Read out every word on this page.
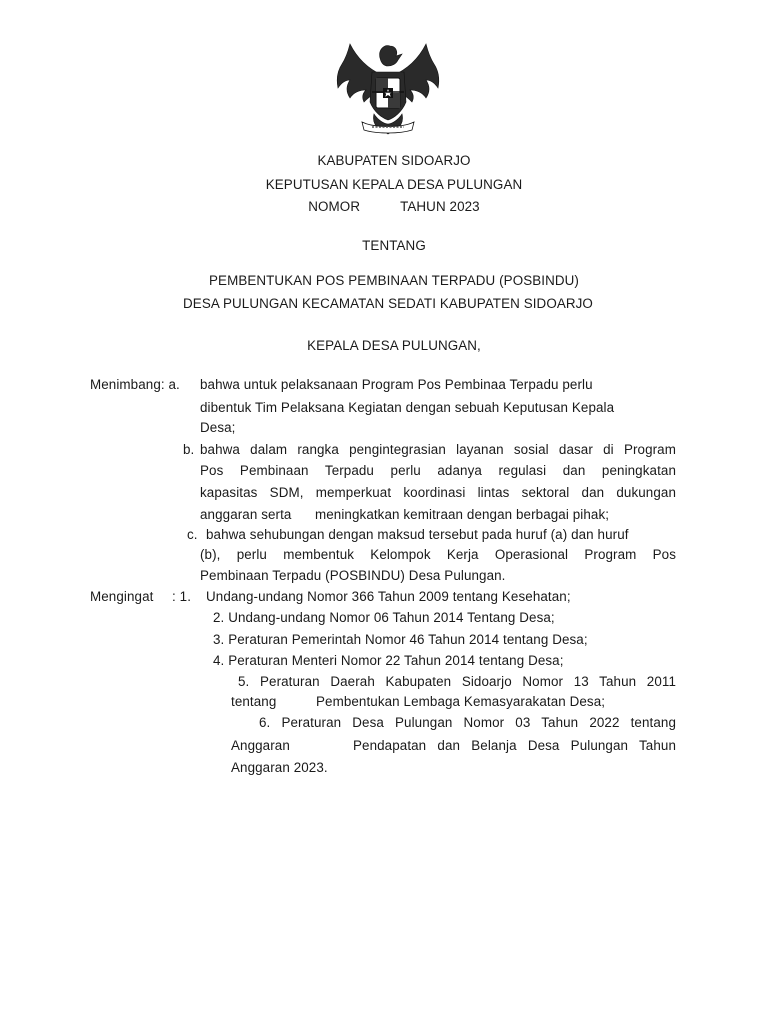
KABUPATEN SIDOARJO
KEPUTUSAN KEPALA DESA PULUNGAN
NOMOR	TAHUN 2023
TENTANG
PEMBENTUKAN POS PEMBINAAN TERPADU (POSBINDU)
DESA PULUNGAN KECAMATAN SEDATI KABUPATEN SIDOARJO
KEPALA DESA PULUNGAN,
Menimbang: a. bahwa untuk pelaksanaan Program Pos Pembinaa Terpadu perlu
dibentuk Tim Pelaksana Kegiatan dengan sebuah Keputusan Kepala
Desa;
b. bahwa dalam rangka pengintegrasian layanan sosial dasar di Program
Pos Pembinaan Terpadu perlu adanya regulasi dan peningkatan
kapasitas SDM, memperkuat koordinasi lintas sektoral dan dukungan
anggaran serta meningkatkan kemitraan dengan berbagai pihak;
c. bahwa sehubungan dengan maksud tersebut pada huruf (a) dan huruf
(b), perlu membentuk Kelompok Kerja Operasional Program Pos
Pembinaan Terpadu (POSBINDU) Desa Pulungan.
Mengingat : 1. Undang-undang Nomor 366 Tahun 2009 tentang Kesehatan;
2. Undang-undang Nomor 06 Tahun 2014 Tentang Desa;
3. Peraturan Pemerintah Nomor 46 Tahun 2014 tentang Desa;
4. Peraturan Menteri Nomor 22 Tahun 2014 tentang Desa;
5. Peraturan Daerah Kabupaten Sidoarjo Nomor 13 Tahun 2011
tentang	Pembentukan Lembaga Kemasyarakatan Desa;
6. Peraturan Desa Pulungan Nomor 03 Tahun 2022 tentang
Anggaran	Pendapatan dan Belanja Desa Pulungan Tahun
Anggaran 2023.
